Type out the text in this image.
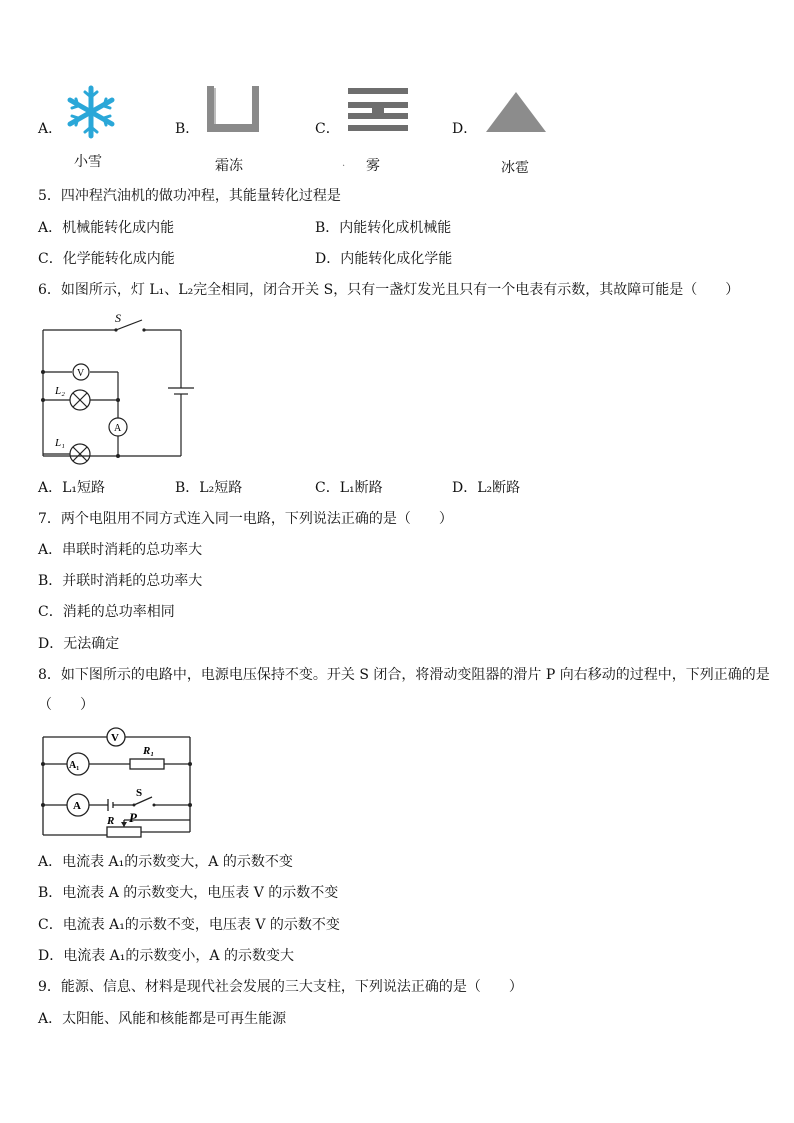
A．
小雪
B．
霜冻
C．
. 雾
D．
冰雹
5．四冲程汽油机的做功冲程，其能量转化过程是
A．机械能转化成内能	B．内能转化成机械能
C．化学能转化成内能	D．内能转化成化学能
6．如图所示，灯 L₁、L₂完全相同，闭合开关 S，只有一盏灯发光且只有一个电表有示数，其故障可能是（　　）
S
V
A
L₂
L₁
A．L₁短路	B．L₂短路	C．L₁断路	D．L₂断路
7．两个电阻用不同方式连入同一电路，下列说法正确的是（　　）
A．串联时消耗的总功率大
B．并联时消耗的总功率大
C．消耗的总功率相同
D．无法确定
8．如下图所示的电路中，电源电压保持不变。开关 S 闭合，将滑动变阻器的滑片 P 向右移动的过程中，下列正确的是
（　　）
V
A₁
R₁
A
S
R P
A．电流表 A₁的示数变大，A 的示数不变
B．电流表 A 的示数变大，电压表 V 的示数不变
C．电流表 A₁的示数不变，电压表 V 的示数不变
D．电流表 A₁的示数变小，A 的示数变大
9．能源、信息、材料是现代社会发展的三大支柱，下列说法正确的是（　　）
A．太阳能、风能和核能都是可再生能源
